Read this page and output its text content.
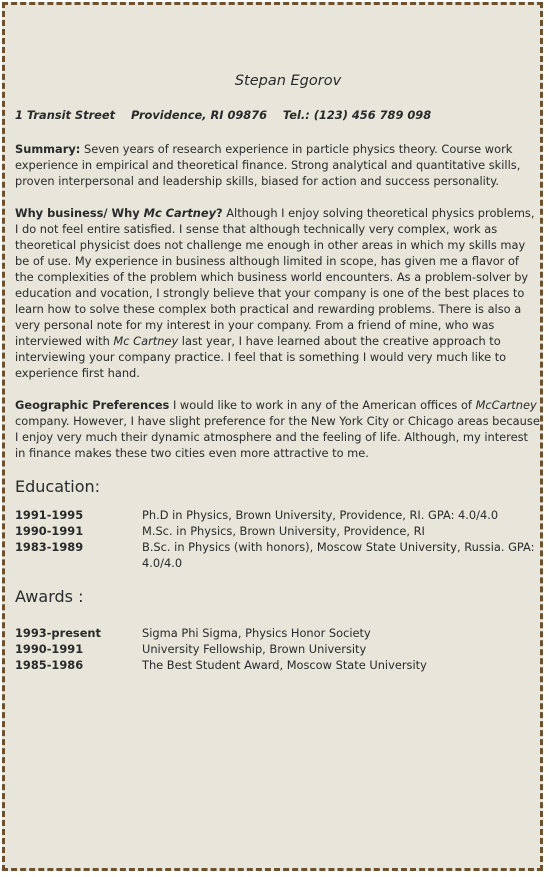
Stepan Egorov
1 Transit Street    Providence, RI 09876    Tel.: (123) 456 789 098

Summary: Seven years of research experience in particle physics theory. Course work experience in empirical and theoretical finance. Strong analytical and quantitative skills, proven interpersonal and leadership skills, biased for action and success personality.

Why business/ Why Mc Cartney? Although I enjoy solving theoretical physics problems, I do not feel entire satisfied. I sense that although technically very complex, work as theoretical physicist does not challenge me enough in other areas in which my skills may be of use. My experience in business although limited in scope, has given me a flavor of the complexities of the problem which business world encounters. As a problem-solver by education and vocation, I strongly believe that your company is one of the best places to learn how to solve these complex both practical and rewarding problems. There is also a very personal note for my interest in your company. From a friend of mine, who was interviewed with Mc Cartney last year, I have learned about the creative approach to interviewing your company practice. I feel that is something I would very much like to experience first hand.

Geographic Preferences I would like to work in any of the American offices of McCartney company. However, I have slight preference for the New York City or Chicago areas because I enjoy very much their dynamic atmosphere and the feeling of life. Although, my interest in finance makes these two cities even more attractive to me.

Education:
1991-1995	Ph.D in Physics, Brown University, Providence, RI. GPA: 4.0/4.0
1990-1991	M.Sc. in Physics, Brown University, Providence, RI
1983-1989	B.Sc. in Physics (with honors), Moscow State University, Russia. GPA: 4.0/4.0
Awards :
1993-present	Sigma Phi Sigma, Physics Honor Society
1990-1991	University Fellowship, Brown University
1985-1986	The Best Student Award, Moscow State University
